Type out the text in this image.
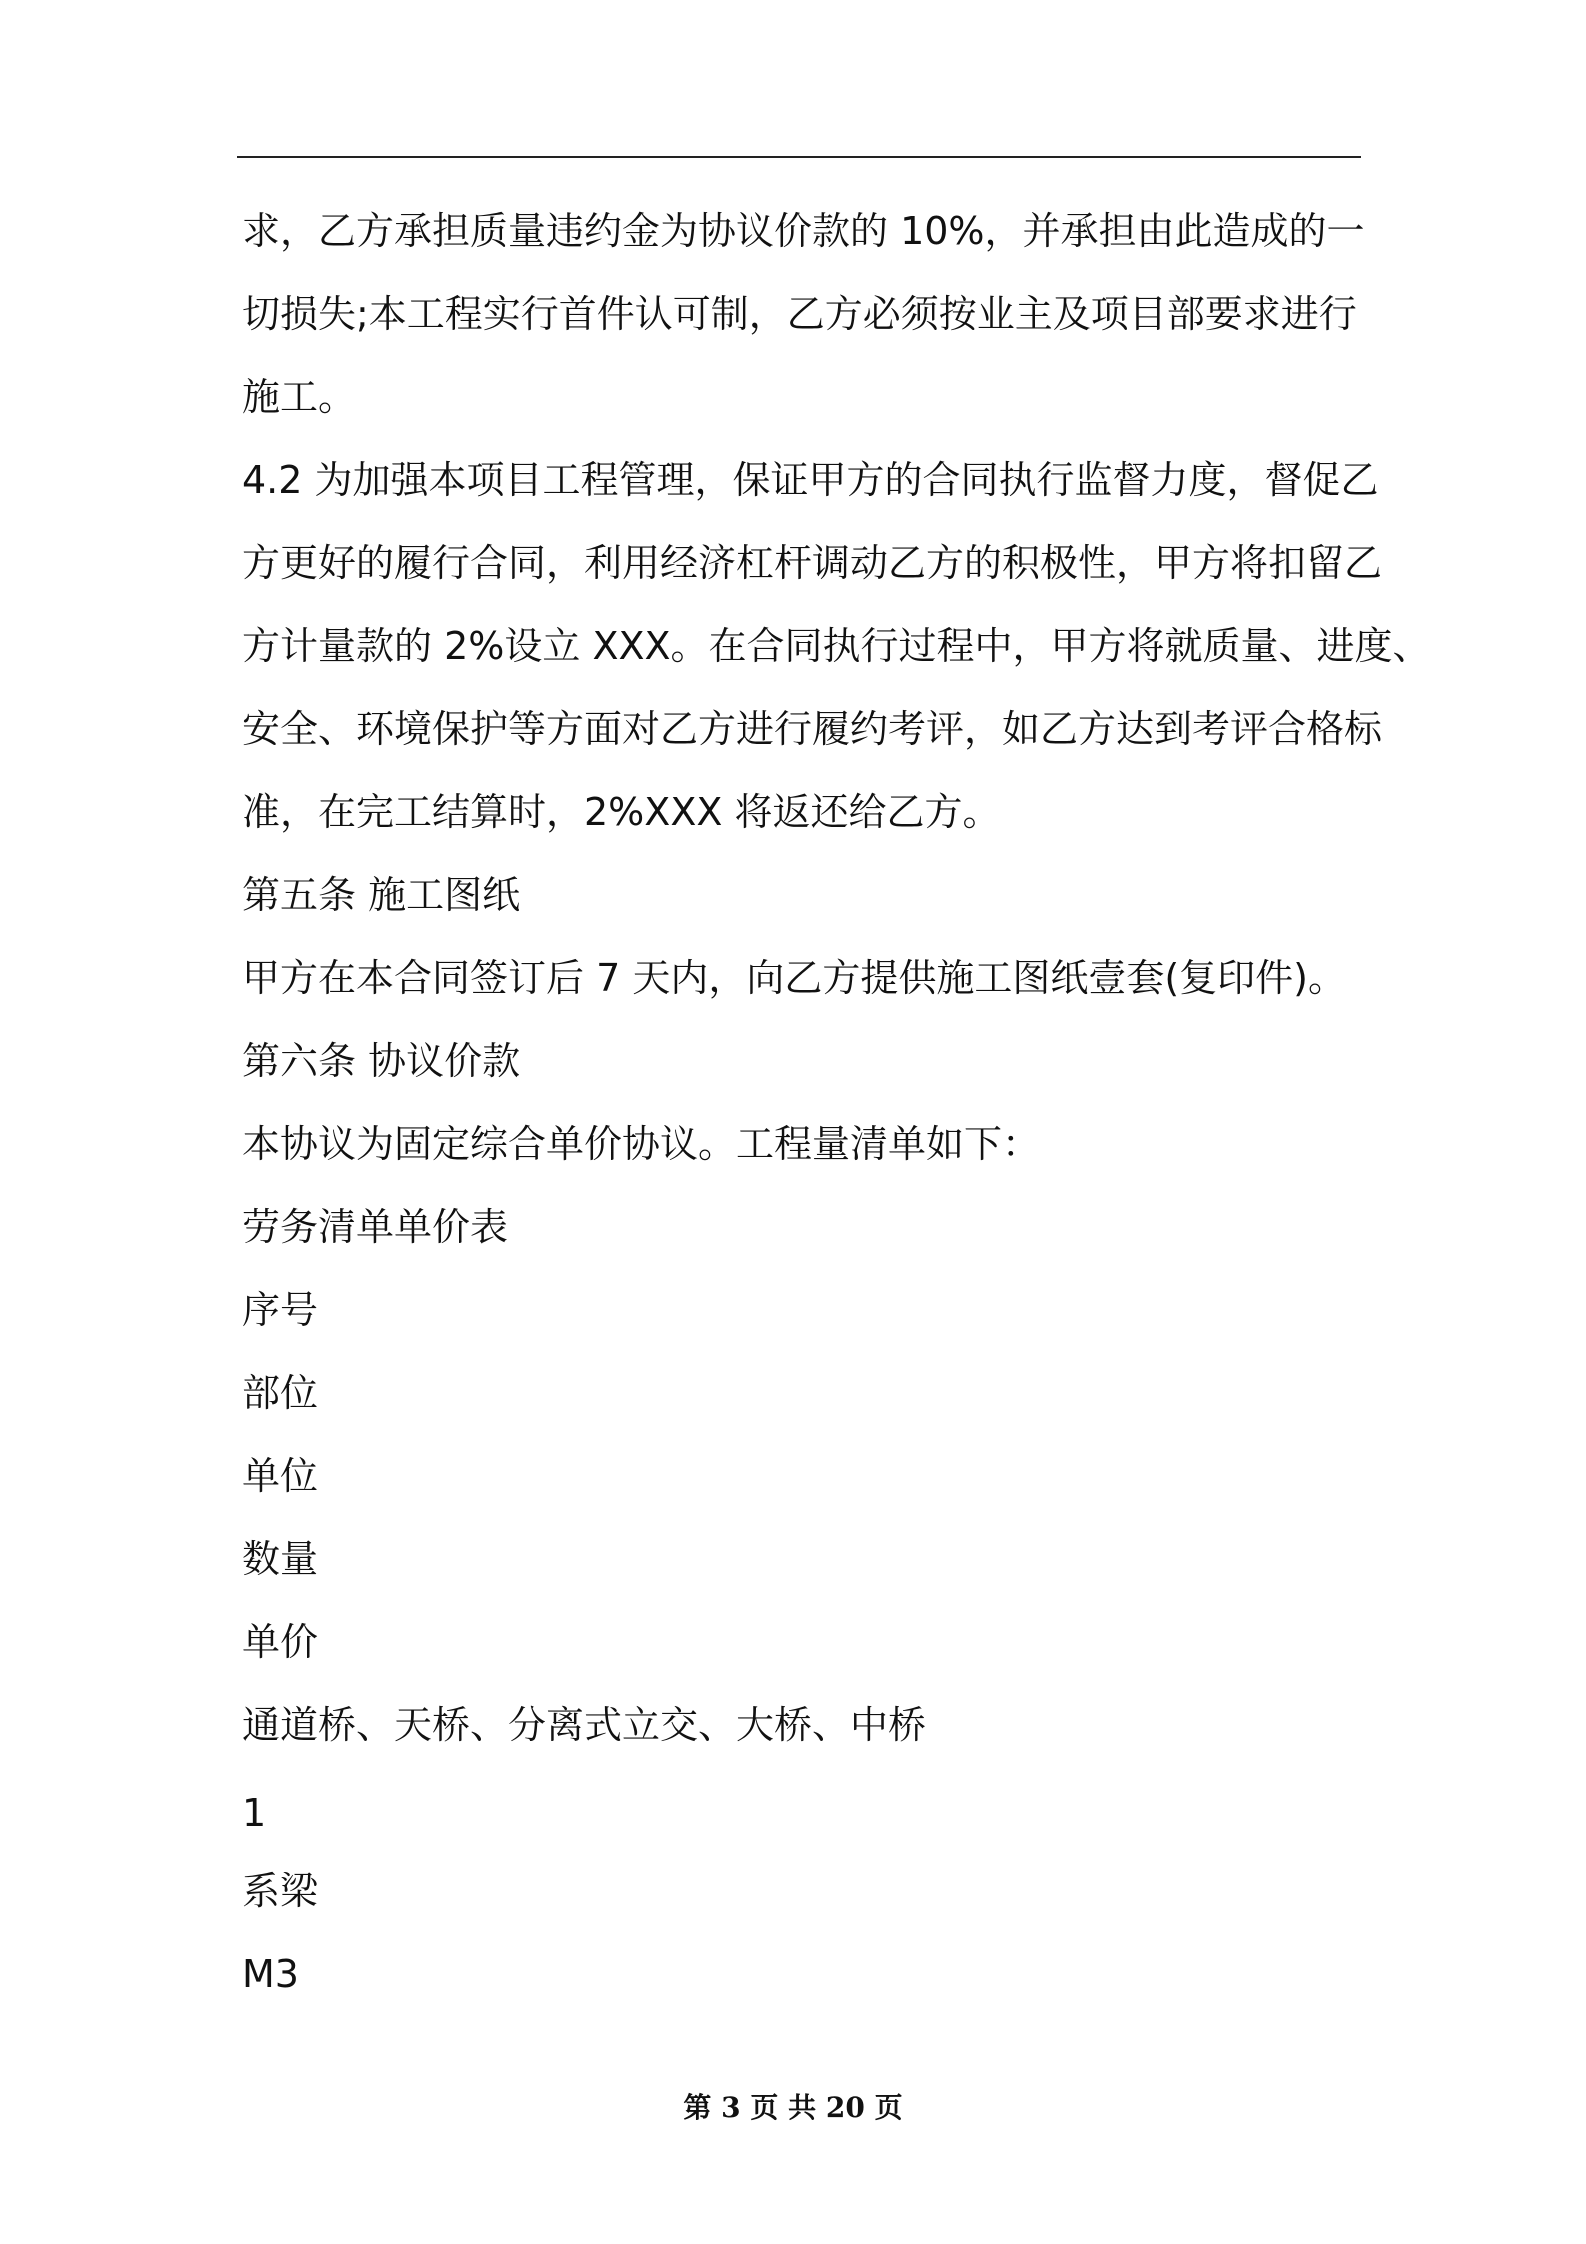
求，乙方承担质量违约金为协议价款的 10%，并承担由此造成的一
切损失;本工程实行首件认可制，乙方必须按业主及项目部要求进行
施工。
4.2 为加强本项目工程管理，保证甲方的合同执行监督力度，督促乙
方更好的履行合同，利用经济杠杆调动乙方的积极性，甲方将扣留乙
方计量款的 2%设立 XXX。在合同执行过程中，甲方将就质量、进度、
安全、环境保护等方面对乙方进行履约考评，如乙方达到考评合格标
准，在完工结算时，2%XXX 将返还给乙方。
第五条 施工图纸
甲方在本合同签订后 7 天内，向乙方提供施工图纸壹套(复印件)。
第六条 协议价款
本协议为固定综合单价协议。工程量清单如下：
劳务清单单价表
序号
部位
单位
数量
单价
通道桥、天桥、分离式立交、大桥、中桥
1
系梁
M3
第 3 页 共 20 页
